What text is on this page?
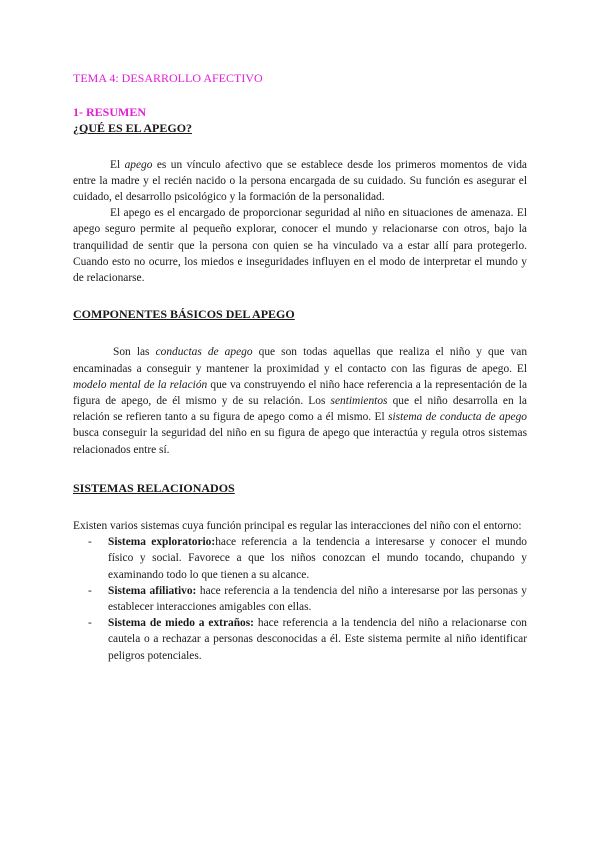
TEMA 4: DESARROLLO AFECTIVO
1- RESUMEN
¿QUÉ ES EL APEGO?

El apego es un vínculo afectivo que se establece desde los primeros momentos de vida entre la madre y el recién nacido o la persona encargada de su cuidado. Su función es asegurar el cuidado, el desarrollo psicológico y la formación de la personalidad.

El apego es el encargado de proporcionar seguridad al niño en situaciones de amenaza. El apego seguro permite al pequeño explorar, conocer el mundo y relacionarse con otros, bajo la tranquilidad de sentir que la persona con quien se ha vinculado va a estar allí para protegerlo. Cuando esto no ocurre, los miedos e inseguridades influyen en el modo de interpretar el mundo y de relacionarse.

COMPONENTES BÁSICOS DEL APEGO

Son las conductas de apego que son todas aquellas que realiza el niño y que van encaminadas a conseguir y mantener la proximidad y el contacto con las figuras de apego. El modelo mental de la relación que va construyendo el niño hace referencia a la representación de la figura de apego, de él mismo y de su relación. Los sentimientos que el niño desarrolla en la relación se refieren tanto a su figura de apego como a él mismo. El sistema de conducta de apego busca conseguir la seguridad del niño en su figura de apego que interactúa y regula otros sistemas relacionados entre sí.

SISTEMAS RELACIONADOS

Existen varios sistemas cuya función principal es regular las interacciones del niño con el entorno:

- Sistema exploratorio:hace referencia a la tendencia a interesarse y conocer el mundo físico y social. Favorece a que los niños conozcan el mundo tocando, chupando y examinando todo lo que tienen a su alcance.
- Sistema afiliativo: hace referencia a la tendencia del niño a interesarse por las personas y establecer interacciones amigables con ellas.
- Sistema de miedo a extraños: hace referencia a la tendencia del niño a relacionarse con cautela o a rechazar a personas desconocidas a él. Este sistema permite al niño identificar peligros potenciales.
